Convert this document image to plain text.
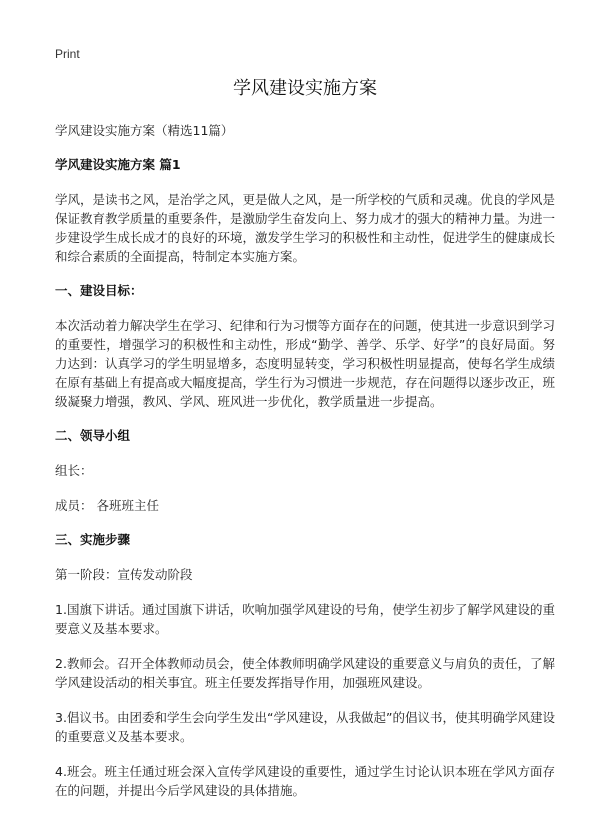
Print
学风建设实施方案

学风建设实施方案（精选11篇）

学风建设实施方案 篇1

学风，是读书之风，是治学之风，更是做人之风，是一所学校的气质和灵魂。优良的学风是保证教育教学质量的重要条件，是激励学生奋发向上、努力成才的强大的精神力量。为进一步建设学生成长成才的良好的环境，激发学生学习的积极性和主动性，促进学生的健康成长和综合素质的全面提高，特制定本实施方案。

一、建设目标：

本次活动着力解决学生在学习、纪律和行为习惯等方面存在的问题，使其进一步意识到学习的重要性，增强学习的积极性和主动性，形成“勤学、善学、乐学、好学”的良好局面。努力达到：认真学习的学生明显增多，态度明显转变，学习积极性明显提高，使每名学生成绩在原有基础上有提高或大幅度提高，学生行为习惯进一步规范，存在问题得以逐步改正，班级凝聚力增强，教风、学风、班风进一步优化，教学质量进一步提高。

二、领导小组

组长：

成员： 各班班主任

三、实施步骤

第一阶段：宣传发动阶段

1.国旗下讲话。通过国旗下讲话，吹响加强学风建设的号角，使学生初步了解学风建设的重要意义及基本要求。

2.教师会。召开全体教师动员会，使全体教师明确学风建设的重要意义与肩负的责任，了解学风建设活动的相关事宜。班主任要发挥指导作用，加强班风建设。

3.倡议书。由团委和学生会向学生发出“学风建设，从我做起”的倡议书，使其明确学风建设的重要意义及基本要求。

4.班会。班主任通过班会深入宣传学风建设的重要性，通过学生讨论认识本班在学风方面存在的问题，并提出今后学风建设的具体措施。
